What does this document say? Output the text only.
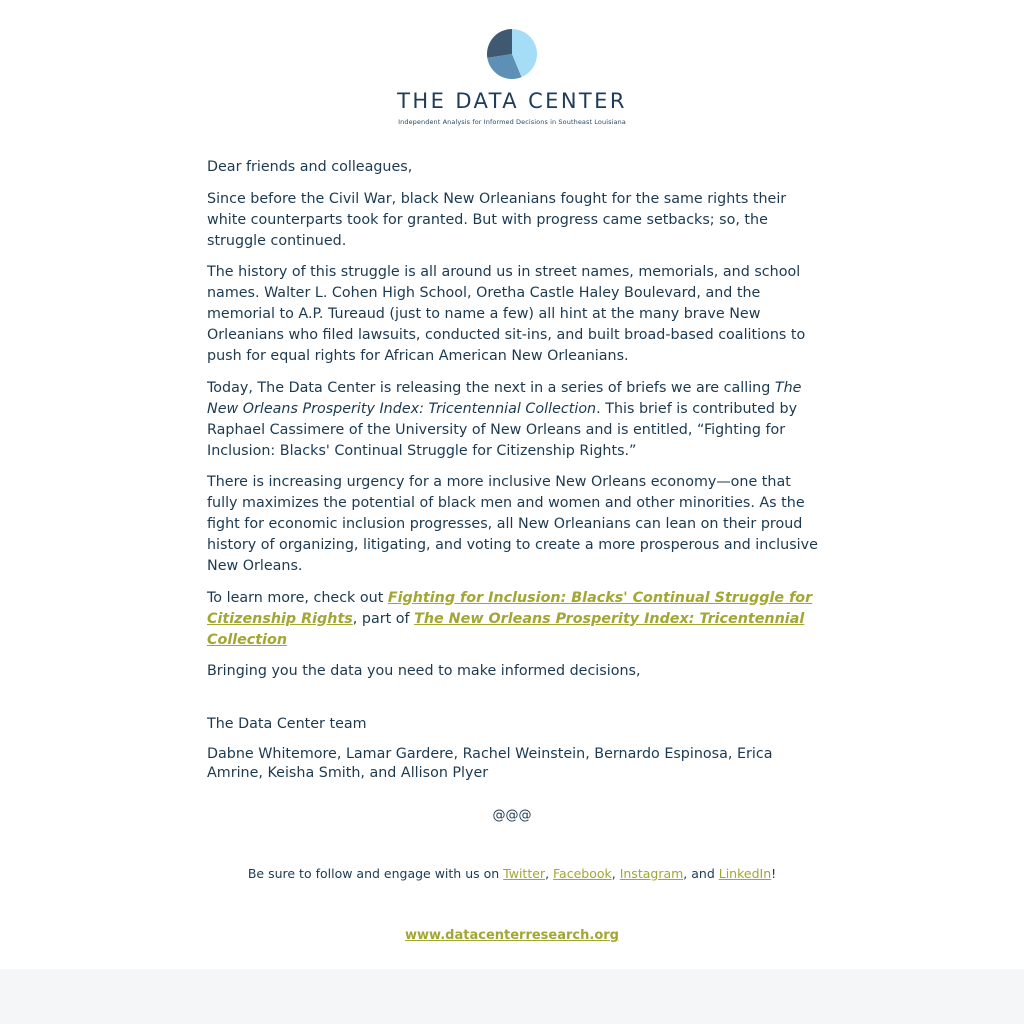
THE DATA CENTER
Independent Analysis for Informed Decisions in Southeast Louisiana

Dear friends and colleagues,

Since before the Civil War, black New Orleanians fought for the same rights their white counterparts took for granted. But with progress came setbacks; so, the struggle continued.

The history of this struggle is all around us in street names, memorials, and school names. Walter L. Cohen High School, Oretha Castle Haley Boulevard, and the memorial to A.P. Tureaud (just to name a few) all hint at the many brave New Orleanians who filed lawsuits, conducted sit-ins, and built broad-based coalitions to push for equal rights for African American New Orleanians.

Today, The Data Center is releasing the next in a series of briefs we are calling The New Orleans Prosperity Index: Tricentennial Collection. This brief is contributed by Raphael Cassimere of the University of New Orleans and is entitled, “Fighting for Inclusion: Blacks' Continual Struggle for Citizenship Rights.”

There is increasing urgency for a more inclusive New Orleans economy—one that fully maximizes the potential of black men and women and other minorities. As the fight for economic inclusion progresses, all New Orleanians can lean on their proud history of organizing, litigating, and voting to create a more prosperous and inclusive New Orleans.

To learn more, check out Fighting for Inclusion: Blacks' Continual Struggle for Citizenship Rights, part of The New Orleans Prosperity Index: Tricentennial Collection

Bringing you the data you need to make informed decisions,

The Data Center team

Dabne Whitemore, Lamar Gardere, Rachel Weinstein, Bernardo Espinosa, Erica Amrine, Keisha Smith, and Allison Plyer

@@@
Be sure to follow and engage with us on Twitter, Facebook, Instagram, and LinkedIn!
www.datacenterresearch.org
